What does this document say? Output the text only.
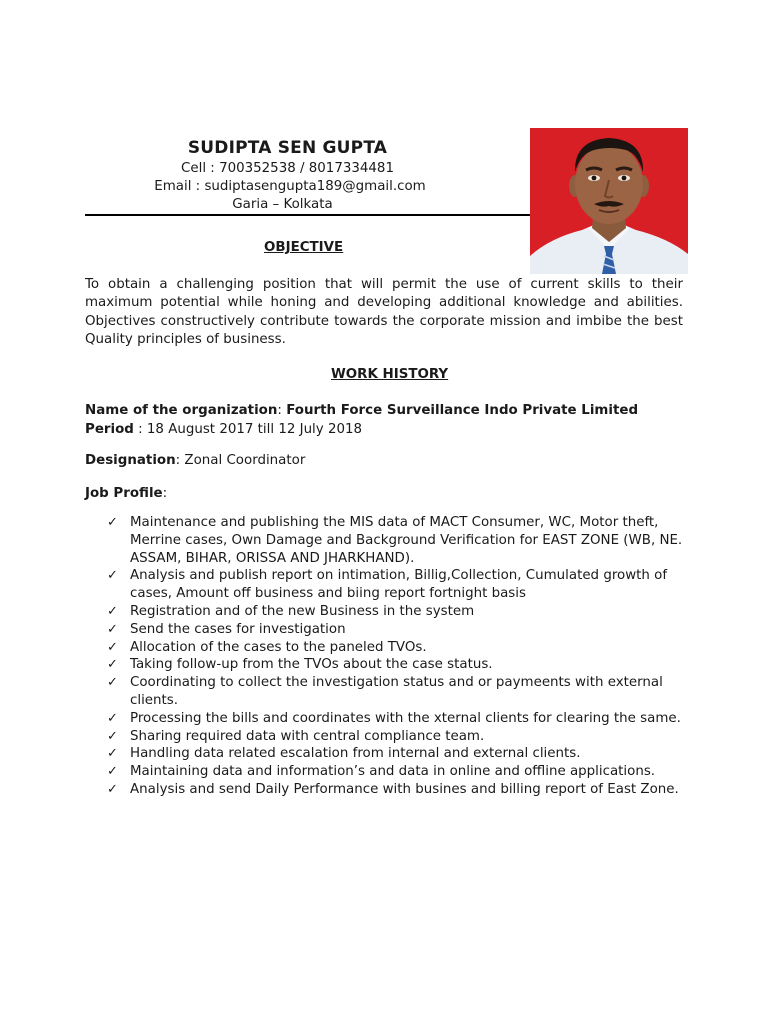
SUDIPTA SEN GUPTA
Cell : 700352538 / 8017334481
Email : sudiptasengupta189@gmail.com
Garia – Kolkata
OBJECTIVE
To obtain a challenging position that will permit the use of current skills to their maximum potential while honing and developing additional knowledge and abilities. Objectives constructively contribute towards the corporate mission and imbibe the best Quality principles of business.
WORK HISTORY
Name of the organization: Fourth Force Surveillance Indo Private Limited
Period : 18 August 2017 till 12 July 2018
Designation: Zonal Coordinator
Job Profile:
✓ Maintenance and publishing the MIS data of MACT Consumer, WC, Motor theft, Merrine cases, Own Damage and Background Verification for EAST ZONE (WB, NE. ASSAM, BIHAR, ORISSA AND JHARKHAND).
✓ Analysis and publish report on intimation, Billig,Collection, Cumulated growth of cases, Amount off business and biing report fortnight basis
✓ Registration and of the new Business in the system
✓ Send the cases for investigation
✓ Allocation of the cases to the paneled TVOs.
✓ Taking follow-up from the TVOs about the case status.
✓ Coordinating to collect the investigation status and or paymeents with external clients.
✓ Processing the bills and coordinates with the xternal clients for clearing the same.
✓ Sharing required data with central compliance team.
✓ Handling data related escalation from internal and external clients.
✓ Maintaining data and information’s and data in online and offline applications.
✓ Analysis and send Daily Performance with busines and billing report of East Zone.
